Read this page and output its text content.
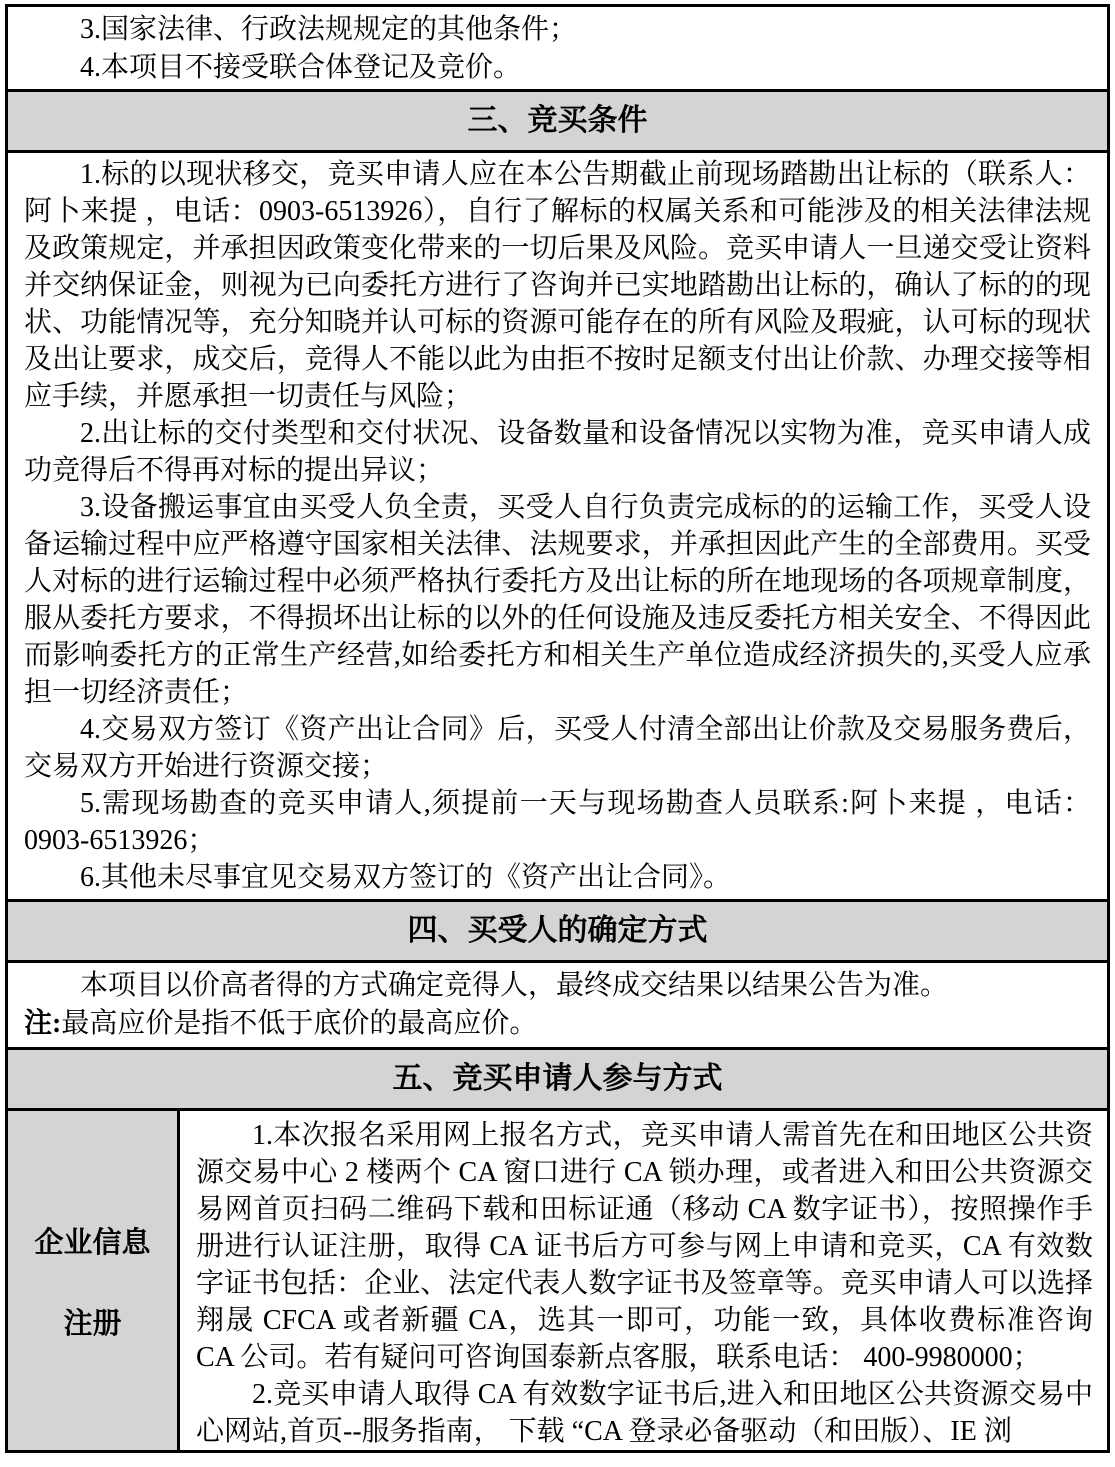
3.国家法律、行政法规规定的其他条件；

4.本项目不接受联合体登记及竞价。

三、竞买条件

1.标的以现状移交，竞买申请人应在本公告期截止前现场踏勘出让标的（联系人：阿卜来提 ，电话：0903-6513926），自行了解标的权属关系和可能涉及的相关法律法规及政策规定，并承担因政策变化带来的一切后果及风险。竞买申请人一旦递交受让资料并交纳保证金，则视为已向委托方进行了咨询并已实地踏勘出让标的，确认了标的的现状、功能情况等，充分知晓并认可标的资源可能存在的所有风险及瑕疵，认可标的现状及出让要求，成交后，竞得人不能以此为由拒不按时足额支付出让价款、办理交接等相应手续，并愿承担一切责任与风险；

2.出让标的交付类型和交付状况、设备数量和设备情况以实物为准，竞买申请人成功竞得后不得再对标的提出异议；

3.设备搬运事宜由买受人负全责，买受人自行负责完成标的的运输工作，买受人设备运输过程中应严格遵守国家相关法律、法规要求，并承担因此产生的全部费用。买受人对标的进行运输过程中必须严格执行委托方及出让标的所在地现场的各项规章制度，服从委托方要求，不得损坏出让标的以外的任何设施及违反委托方相关安全、不得因此而影响委托方的正常生产经营,如给委托方和相关生产单位造成经济损失的,买受人应承担一切经济责任；

4.交易双方签订《资产出让合同》后，买受人付清全部出让价款及交易服务费后，交易双方开始进行资源交接；

5.需现场勘查的竞买申请人,须提前一天与现场勘查人员联系:阿卜来提 ，电话：0903-6513926；

6.其他未尽事宜见交易双方签订的《资产出让合同》。

四、买受人的确定方式

本项目以价高者得的方式确定竞得人，最终成交结果以结果公告为准。

注:最高应价是指不低于底价的最高应价。

五、竞买申请人参与方式
企业信息
注册

1.本次报名采用网上报名方式，竞买申请人需首先在和田地区公共资源交易中心 2 楼两个 CA 窗口进行 CA 锁办理，或者进入和田公共资源交易网首页扫码二维码下载和田标证通（移动 CA 数字证书），按照操作手册进行认证注册，取得 CA 证书后方可参与网上申请和竞买，CA 有效数字证书包括：企业、法定代表人数字证书及签章等。竞买申请人可以选择翔晟 CFCA 或者新疆 CA，选其一即可，功能一致，具体收费标准咨询 CA 公司。若有疑问可咨询国泰新点客服，联系电话： 400-9980000；

2.竞买申请人取得 CA 有效数字证书后,进入和田地区公共资源交易中心网站,首页--服务指南， 下载 “CA 登录必备驱动（和田版）、IE 浏
